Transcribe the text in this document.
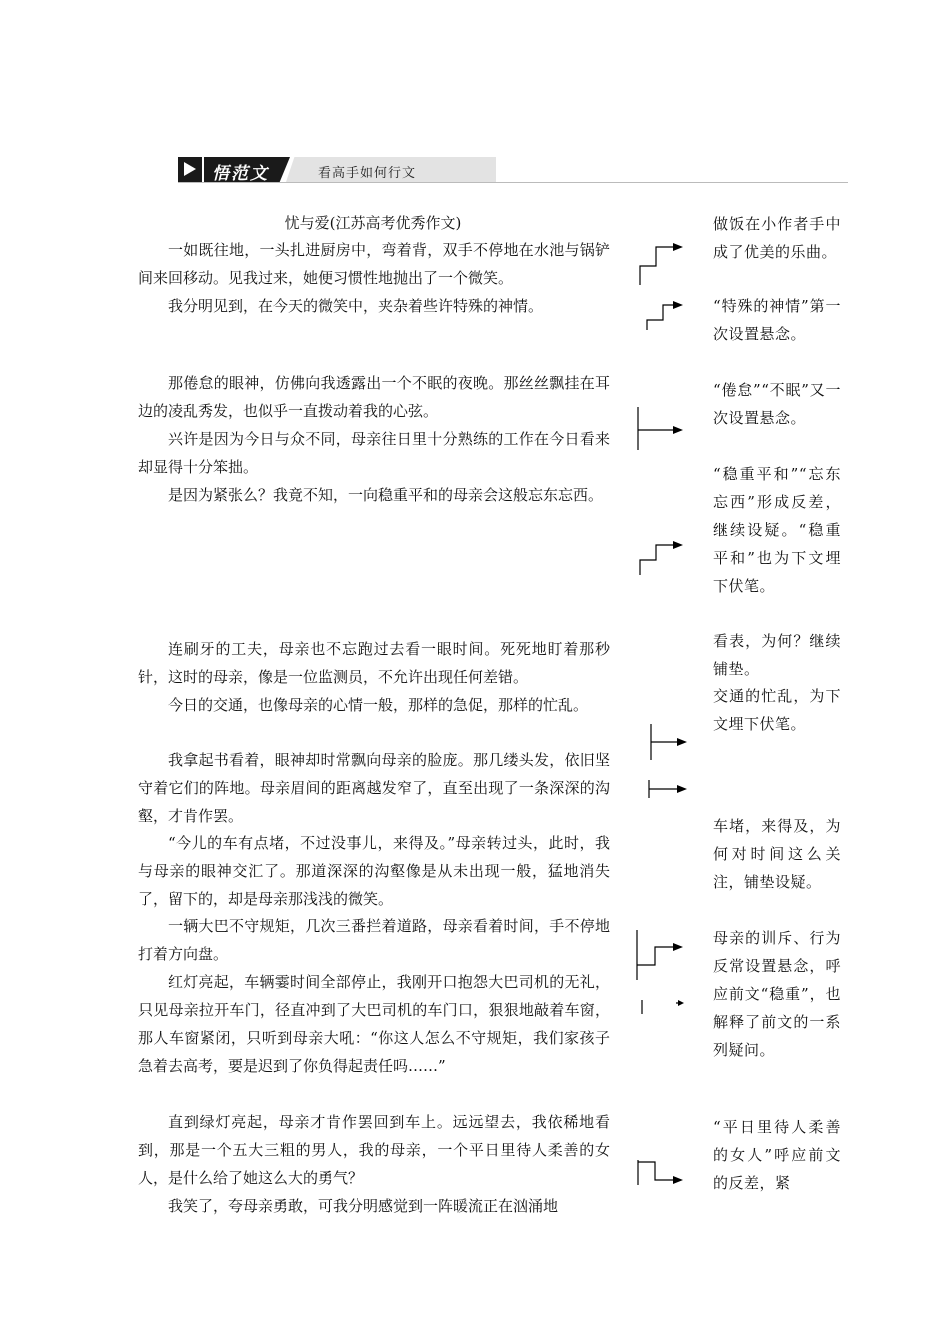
悟范文	看高手如何行文
忧与爱(江苏高考优秀作文)

一如既往地，一头扎进厨房中，弯着背，双手不停地在水池与锅铲间来回移动。见我过来，她便习惯性地抛出了一个微笑。

我分明见到，在今天的微笑中，夹杂着些许特殊的神情。

那倦怠的眼神，仿佛向我透露出一个不眠的夜晚。那丝丝飘挂在耳边的凌乱秀发，也似乎一直拨动着我的心弦。

兴许是因为今日与众不同，母亲往日里十分熟练的工作在今日看来却显得十分笨拙。

是因为紧张么？我竟不知，一向稳重平和的母亲会这般忘东忘西。

连刷牙的工夫，母亲也不忘跑过去看一眼时间。死死地盯着那秒针，这时的母亲，像是一位监测员，不允许出现任何差错。

今日的交通，也像母亲的心情一般，那样的急促，那样的忙乱。

我拿起书看着，眼神却时常飘向母亲的脸庞。那几缕头发，依旧坚守着它们的阵地。母亲眉间的距离越发窄了，直至出现了一条深深的沟壑，才肯作罢。

“今儿的车有点堵，不过没事儿，来得及。”母亲转过头，此时，我与母亲的眼神交汇了。那道深深的沟壑像是从未出现一般，猛地消失了，留下的，却是母亲那浅浅的微笑。

一辆大巴不守规矩，几次三番拦着道路，母亲看着时间，手不停地打着方向盘。

红灯亮起，车辆霎时间全部停止，我刚开口抱怨大巴司机的无礼，只见母亲拉开车门，径直冲到了大巴司机的车门口，狠狠地敲着车窗，那人车窗紧闭，只听到母亲大吼：“你这人怎么不守规矩，我们家孩子急着去高考，要是迟到了你负得起责任吗……”

直到绿灯亮起，母亲才肯作罢回到车上。远远望去，我依稀地看到，那是一个五大三粗的男人，我的母亲，一个平日里待人柔善的女人，是什么给了她这么大的勇气？

我笑了，夸母亲勇敢，可我分明感觉到一阵暖流正在汹涌地

做饭在小作者手中成了优美的乐曲。

“特殊的神情”第一次设置悬念。

“倦怠”“不眠”又一次设置悬念。

“稳重平和”“忘东忘西”形成反差，继续设疑。“稳重平和”也为下文埋下伏笔。

看表，为何？继续铺垫。

交通的忙乱，为下文埋下伏笔。

车堵，来得及，为何对时间这么关注，铺垫设疑。

母亲的训斥、行为反常设置悬念，呼应前文“稳重”，也解释了前文的一系列疑问。

“平日里待人柔善的女人”呼应前文的反差，紧
